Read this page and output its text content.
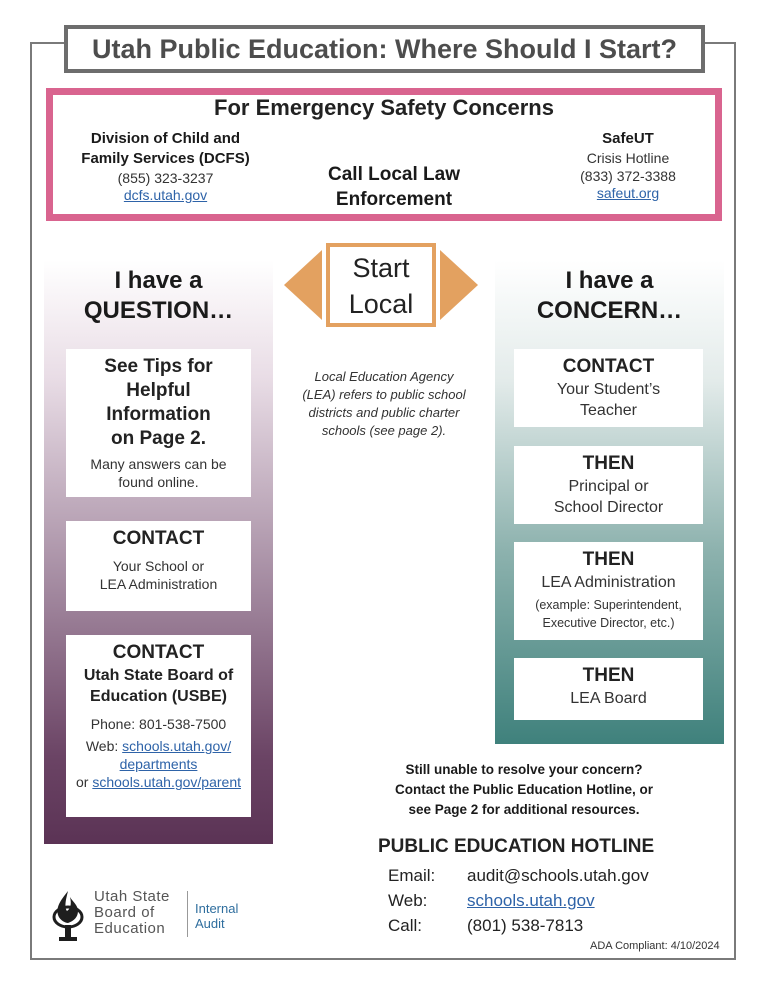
Utah Public Education: Where Should I Start?
For Emergency Safety Concerns
Division of Child and
Family Services (DCFS)
(855) 323-3237
dcfs.utah.gov
Call Local Law
Enforcement
SafeUT
Crisis Hotline
(833) 372-3388
safeut.org
Start
Local
Local Education Agency (LEA) refers to public school districts and public charter schools (see page 2).
I have a
QUESTION…
See Tips for
Helpful
Information
on Page 2.
Many answers can be
found online.
CONTACT
Your School or
LEA Administration
CONTACT
Utah State Board of
Education (USBE)
Phone: 801-538-7500
Web: schools.utah.gov/
departments
or schools.utah.gov/parent
I have a
CONCERN…
CONTACT
Your Student’s
Teacher
THEN
Principal or
School Director
THEN
LEA Administration
(example: Superintendent,
Executive Director, etc.)
THEN
LEA Board
Still unable to resolve your concern?
Contact the Public Education Hotline, or
see Page 2 for additional resources.
PUBLIC EDUCATION HOTLINE
Email: audit@schools.utah.gov
Web: schools.utah.gov
Call:	(801) 538-7813
ADA Compliant: 4/10/2024
Utah State
Board of
Education
Internal
Audit
